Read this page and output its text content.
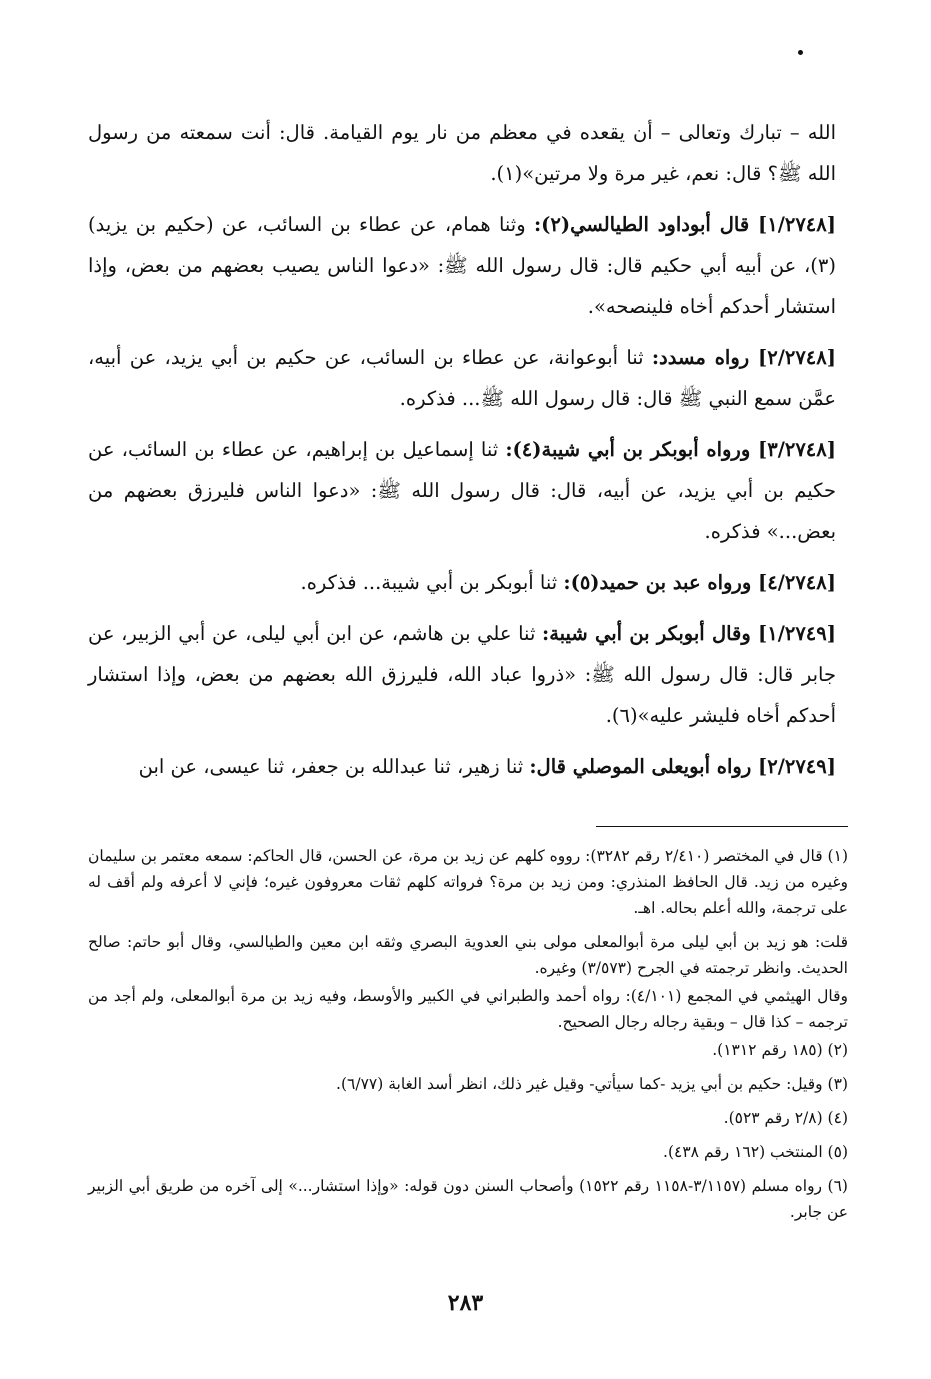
الله – تبارك وتعالى – أن يقعده في معظم من نار يوم القيامة. قال: أنت سمعته من رسول الله ﷺ؟ قال: نعم، غير مرة ولا مرتين»(١).

[١/٢٧٤٨] قال أبوداود الطيالسي(٢): وثنا همام، عن عطاء بن السائب، عن (حكيم بن يزيد)(٣)، عن أبيه أبي حكيم قال: قال رسول الله ﷺ: «دعوا الناس يصيب بعضهم من بعض، وإذا استشار أحدكم أخاه فلينصحه».

[٢/٢٧٤٨] رواه مسدد: ثنا أبوعوانة، عن عطاء بن السائب، عن حكيم بن أبي يزيد، عن أبيه، عمَّن سمع النبي ﷺ قال: قال رسول الله ﷺ... فذكره.

[٣/٢٧٤٨] ورواه أبوبكر بن أبي شيبة(٤): ثنا إسماعيل بن إبراهيم، عن عطاء بن السائب، عن حكيم بن أبي يزيد، عن أبيه، قال: قال رسول الله ﷺ: «دعوا الناس فليرزق بعضهم من بعض...» فذكره.

[٤/٢٧٤٨] ورواه عبد بن حميد(٥): ثنا أبوبكر بن أبي شيبة... فذكره.

[١/٢٧٤٩] وقال أبوبكر بن أبي شيبة: ثنا علي بن هاشم، عن ابن أبي ليلى، عن أبي الزبير، عن جابر قال: قال رسول الله ﷺ: «ذروا عباد الله، فليرزق الله بعضهم من بعض، وإذا استشار أحدكم أخاه فليشر عليه»(٦).

[٢/٢٧٤٩] رواه أبويعلى الموصلي قال: ثنا زهير، ثنا عبدالله بن جعفر، ثنا عيسى، عن ابن

(١) قال في المختصر (٢/٤١٠ رقم ٣٢٨٢): رووه كلهم عن زيد بن مرة، عن الحسن، قال الحاكم: سمعه معتمر بن سليمان وغيره من زيد. قال الحافظ المنذري: ومن زيد بن مرة؟ فرواته كلهم ثقات معروفون غيره؛ فإني لا أعرفه ولم أقف له على ترجمة، والله أعلم بحاله. اهـ.

قلت: هو زيد بن أبي ليلى مرة أبوالمعلى مولى بني العدوية البصري وثقه ابن معين والطيالسي، وقال أبو حاتم: صالح الحديث. وانظر ترجمته في الجرح (٣/٥٧٣) وغيره.

وقال الهيثمي في المجمع (٤/١٠١): رواه أحمد والطبراني في الكبير والأوسط، وفيه زيد بن مرة أبوالمعلى، ولم أجد من ترجمه – كذا قال – وبقية رجاله رجال الصحيح.

(٢) (١٨٥ رقم ١٣١٢).

(٣) وقيل: حكيم بن أبي يزيد -كما سيأتي- وقيل غير ذلك، انظر أسد الغابة (٦/٧٧).

(٤) (٢/٨ رقم ٥٢٣).

(٥) المنتخب (١٦٢ رقم ٤٣٨).

(٦) رواه مسلم (٣/١١٥٧-١١٥٨ رقم ١٥٢٢) وأصحاب السنن دون قوله: «وإذا استشار...» إلى آخره من طريق أبي الزبير عن جابر.

٢٨٣
